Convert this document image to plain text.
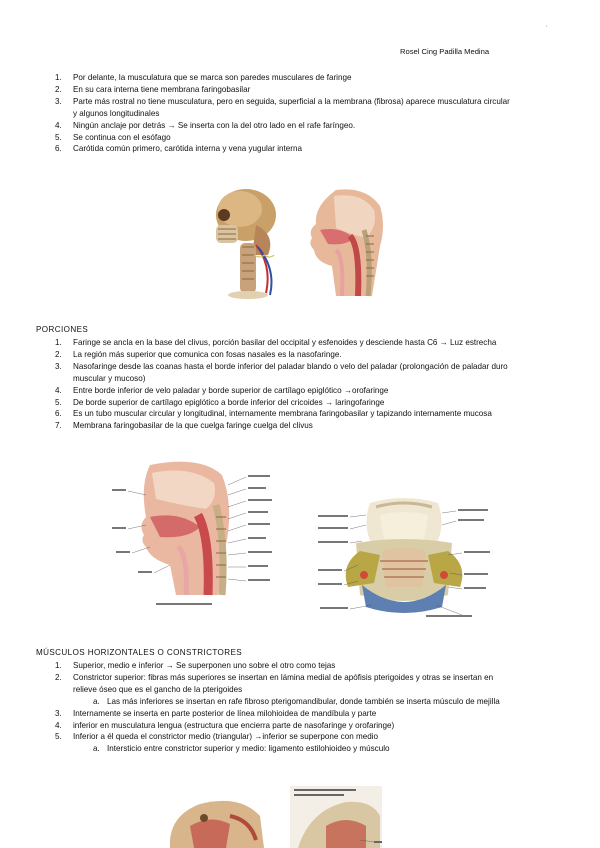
'
Rosel Cing Padilla Medina
1. Por delante, la musculatura que se marca son paredes musculares de faringe
2. En su cara interna tiene membrana faringobasilar
3. Parte más rostral no tiene musculatura, pero en seguida, superficial a la membrana (fibrosa) aparece musculatura circular
y algunos longitudinales
4. Ningún anclaje por detrás → Se inserta con la del otro lado en el rafe faríngeo.
5. Se continua con el esófago
6. Carótida común primero, carótida interna y vena yugular interna
PORCIONES
1. Faringe se ancla en la base del clivus, porción basilar del occipital y esfenoides y desciende hasta C6 → Luz estrecha
2. La región más superior que comunica con fosas nasales es la nasofaringe.
3. Nasofaringe desde las coanas hasta el borde inferior del paladar blando o velo del paladar (prolongación de paladar duro
muscular y mucoso)
4. Entre borde inferior de velo paladar y borde superior de cartílago epiglótico →orofaringe
5. De borde superior de cartílago epiglótico a borde inferior del cricoides → laringofaringe
6. Es un tubo muscular circular y longitudinal, internamente membrana faringobasilar y tapizando internamente mucosa
7. Membrana faringobasilar de la que cuelga faringe cuelga del clivus
MÚSCULOS HORIZONTALES O CONSTRICTORES
1. Superior, medio e inferior → Se superponen uno sobre el otro como tejas
2. Constrictor superior: fibras más superiores se insertan en lámina medial de apófisis pterigoides y otras se insertan en
relieve óseo que es el gancho de la pterigoides
a. Las más inferiores se insertan en rafe fibroso pterigomandibular, donde también se inserta músculo de mejilla
3. Internamente se inserta en parte posterior de línea milohioidea de mandíbula y parte
4. inferior en musculatura lengua (estructura que encierra parte de nasofaringe y orofaringe)
5. Inferior a él queda el constrictor medio (triangular) →inferior se superpone con medio
a. Intersticio entre constrictor superior y medio: ligamento estilohioideo y músculo
